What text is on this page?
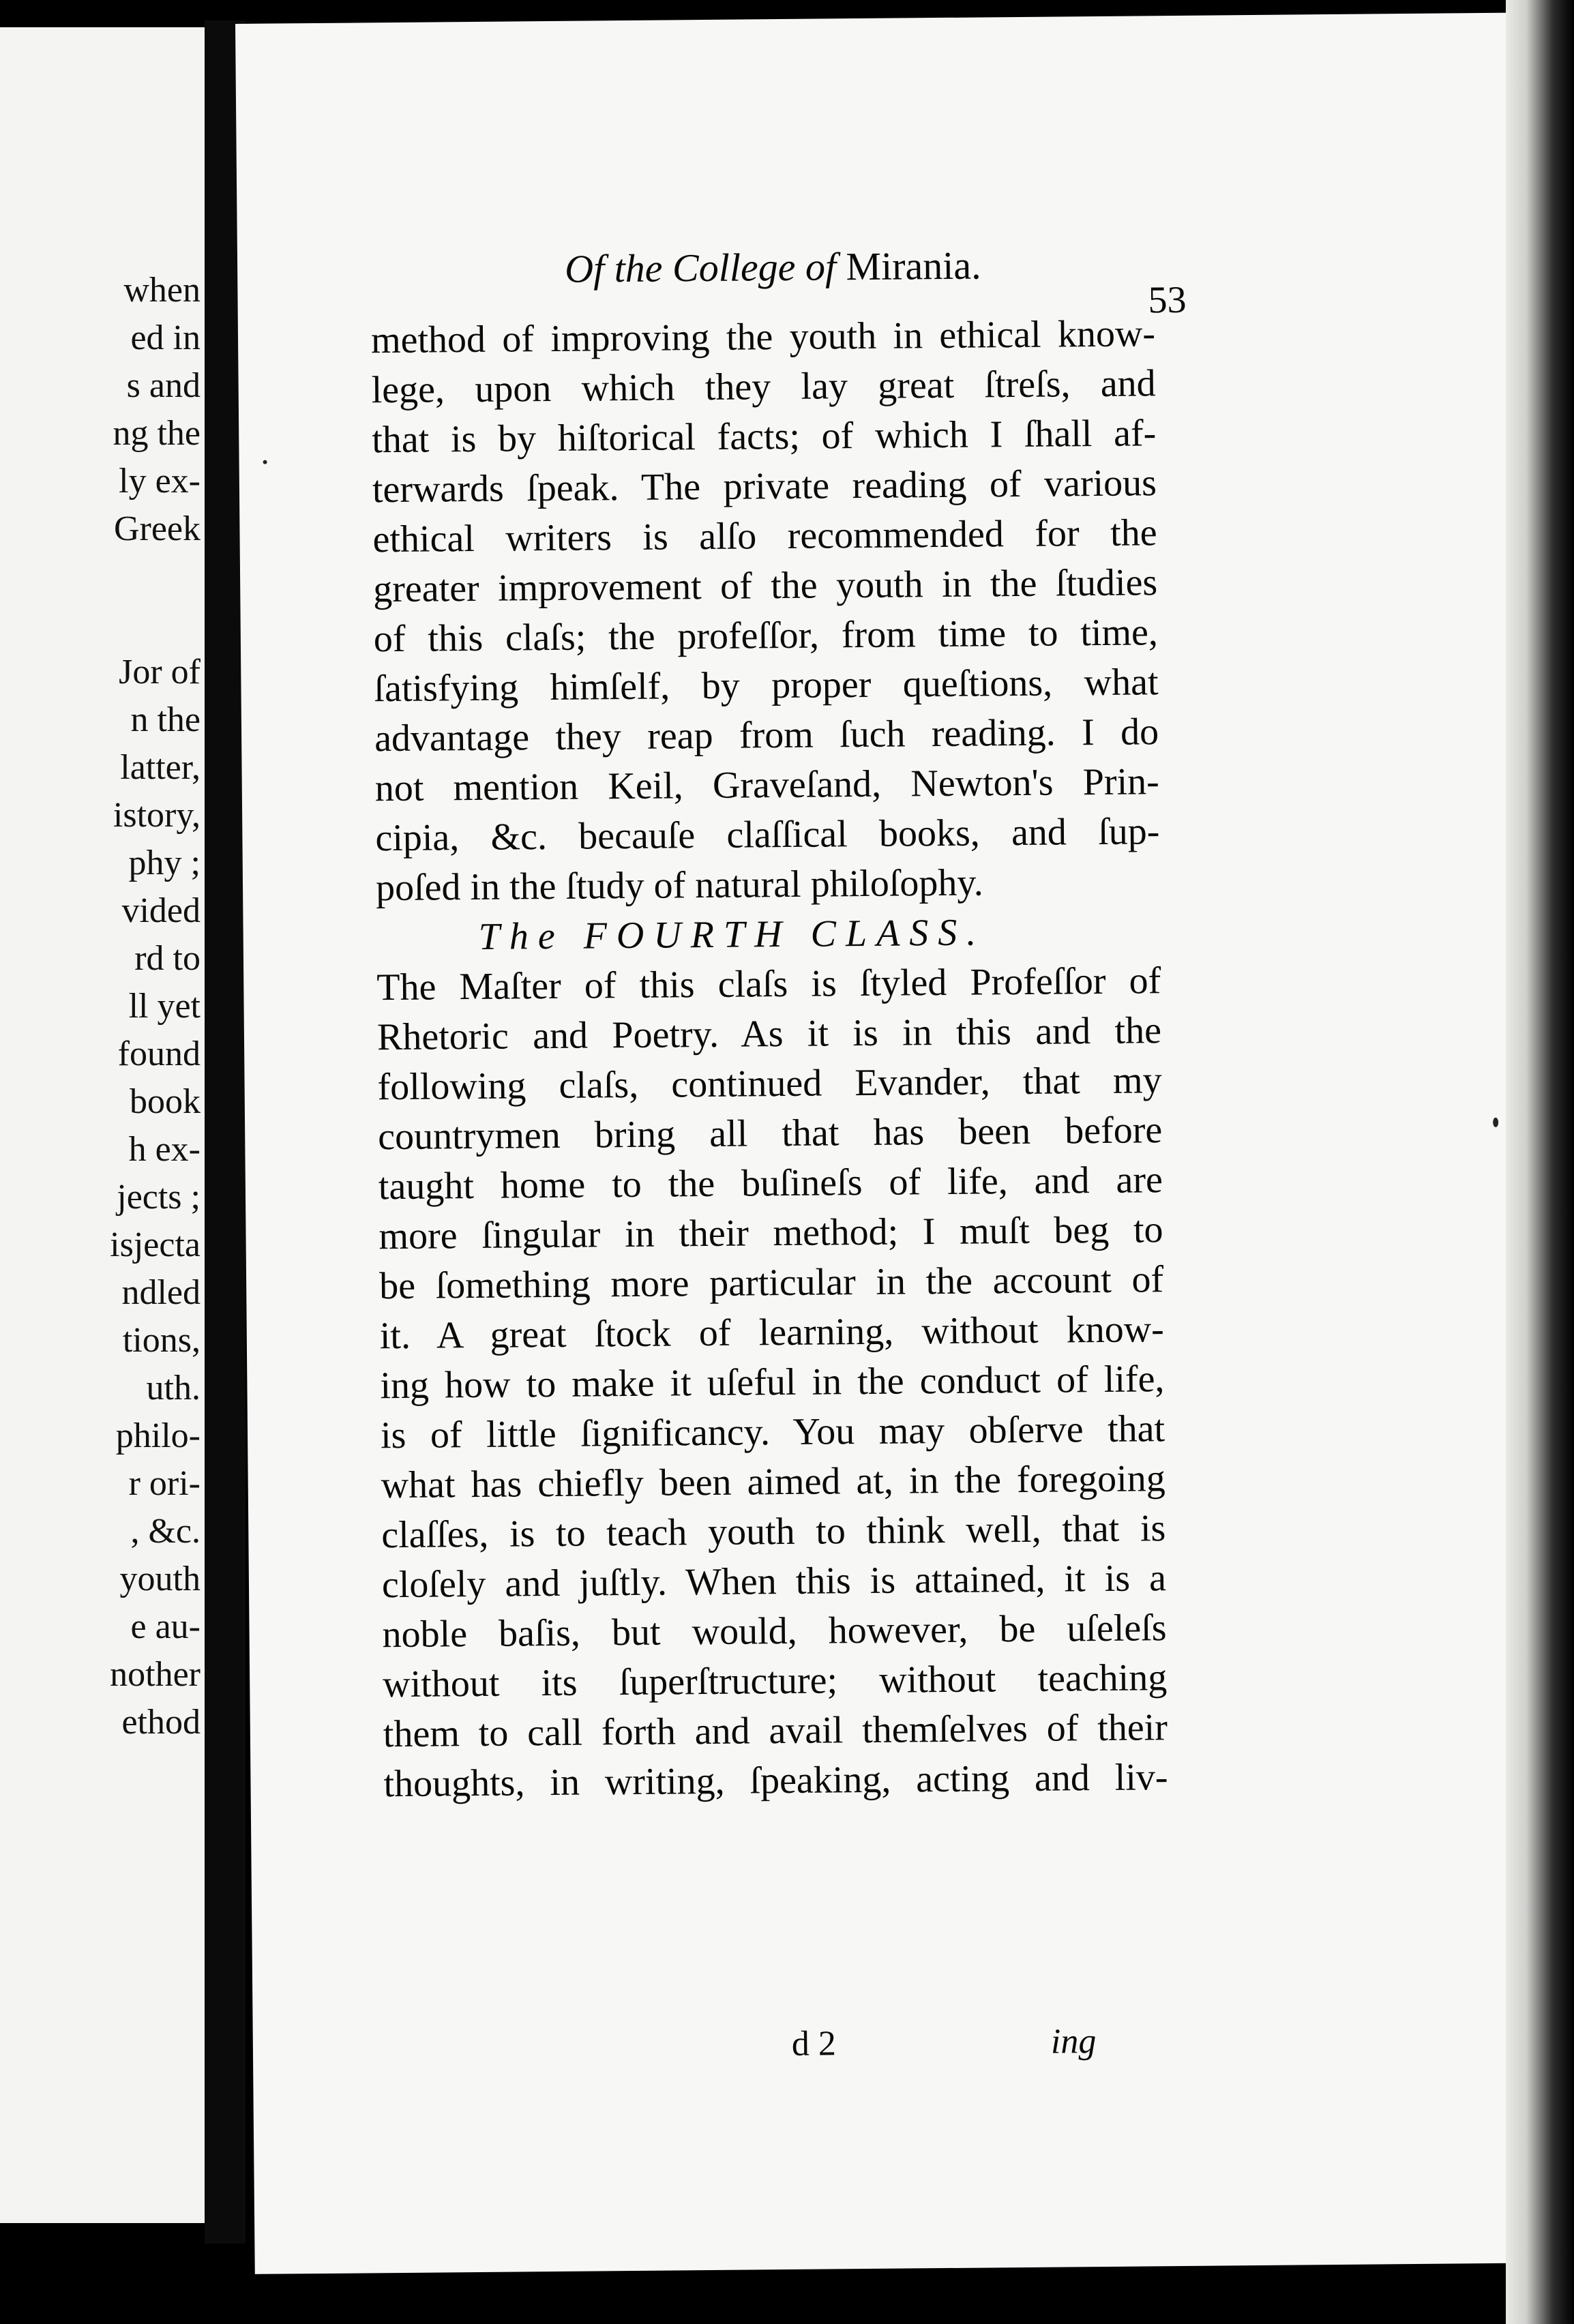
when
ed in
s and
ng the
ly ex-
Greek
Jor of
n the
latter,
istory,
phy ;
vided
rd to
ll yet
found
book
h ex-
jects ;
isjecta
ndled
tions,
uth.
philo-
r ori-
, &c.
youth
e au-
nother
ethod
Of the College of Mirania.
53
method of improving the youth in ethical know-
lege, upon which they lay great ſtreſs, and
that is by hiſtorical facts; of which I ſhall af-
terwards ſpeak. The private reading of various
ethical writers is alſo recommended for the
greater improvement of the youth in the ſtudies
of this claſs; the profeſſor, from time to time,
ſatisfying himſelf, by proper queſtions, what
advantage they reap from ſuch reading. I do
not mention Keil, Graveſand, Newton's Prin-
cipia, &c. becauſe claſſical books, and ſup-
poſed in the ſtudy of natural philoſophy.
The FOURTH CLASS.
The Maſter of this claſs is ſtyled Profeſſor of
Rhetoric and Poetry. As it is in this and the
following claſs, continued Evander, that my
countrymen bring all that has been before
taught home to the buſineſs of life, and are
more ſingular in their method; I muſt beg to
be ſomething more particular in the account of
it. A great ſtock of learning, without know-
ing how to make it uſeful in the conduct of life,
is of little ſignificancy. You may obſerve that
what has chiefly been aimed at, in the foregoing
claſſes, is to teach youth to think well, that is
cloſely and juſtly. When this is attained, it is a
noble baſis, but would, however, be uſeleſs
without its ſuperſtructure; without teaching
them to call forth and avail themſelves of their
thoughts, in writing, ſpeaking, acting and liv-
d 2	ing
